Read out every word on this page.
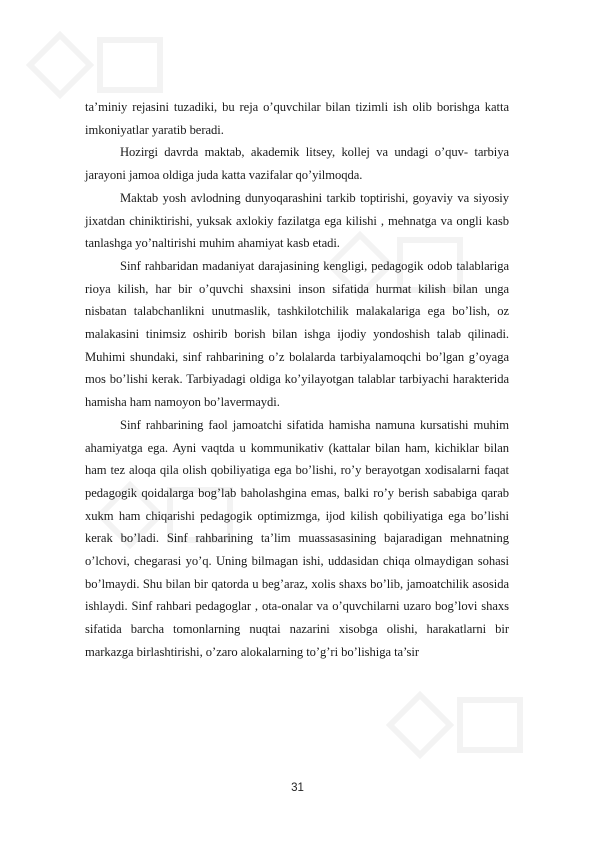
ta’miniy rejasini tuzadiki, bu reja o’quvchilar bilan tizimli ish olib borishga katta imkoniyatlar yaratib beradi.

Hozirgi davrda maktab, akademik litsey, kollej va undagi o’quv- tarbiya jarayoni jamoa oldiga juda katta vazifalar qo’yilmoqda.

Maktab yosh avlodning dunyoqarashini tarkib toptirishi, goyaviy va siyosiy jixatdan chiniktirishi, yuksak axlokiy fazilatga ega kilishi , mehnatga va ongli kasb tanlashga yo’naltirishi muhim ahamiyat kasb etadi.

Sinf rahbaridan madaniyat darajasining kengligi, pedagogik odob talablariga rioya kilish, har bir o’quvchi shaxsini inson sifatida hurmat kilish bilan unga nisbatan talabchanlikni unutmaslik, tashkilotchilik malakalariga ega bo’lish, oz malakasini tinimsiz oshirib borish bilan ishga ijodiy yondoshish talab qilinadi. Muhimi shundaki, sinf rahbarining o’z bolalarda tarbiyalamoqchi bo’lgan g’oyaga mos bo’lishi kerak. Tarbiyadagi oldiga ko’yilayotgan talablar tarbiyachi harakterida hamisha ham namoyon bo’lavermaydi.

Sinf rahbarining faol jamoatchi sifatida hamisha namuna kursatishi muhim ahamiyatga ega. Ayni vaqtda u kommunikativ (kattalar bilan ham, kichiklar bilan ham tez aloqa qila olish qobiliyatiga ega bo’lishi, ro’y berayotgan xodisalarni faqat pedagogik qoidalarga bog’lab baholashgina emas, balki ro’y berish sababiga qarab xukm ham chiqarishi pedagogik optimizmga, ijod kilish qobiliyatiga ega bo’lishi kerak bo’ladi. Sinf rahbarining ta’lim muassasasining bajaradigan mehnatning o’lchovi, chegarasi yo’q. Uning bilmagan ishi, uddasidan chiqa olmaydigan sohasi bo’lmaydi. Shu bilan bir qatorda u beg’araz, xolis shaxs bo’lib, jamoatchilik asosida ishlaydi. Sinf rahbari pedagoglar , ota-onalar va o’quvchilarni uzaro bog’lovi shaxs sifatida barcha tomonlarning nuqtai nazarini xisobga olishi, harakatlarni bir markazga birlashtirishi, o’zaro alokalarning to’g’ri bo’lishiga ta’sir

31
